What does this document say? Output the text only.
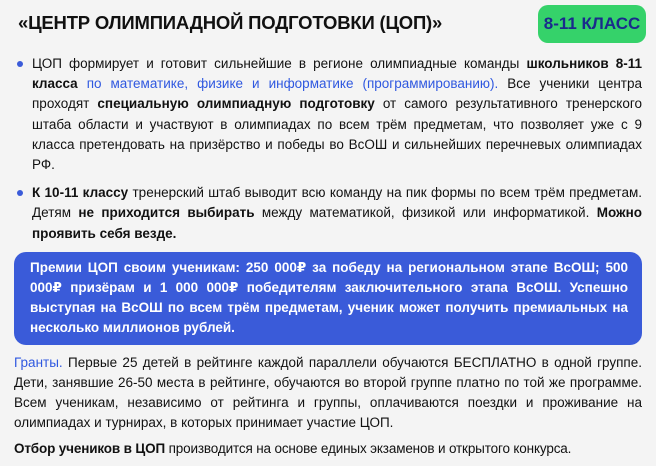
«ЦЕНТР ОЛИМПИАДНОЙ ПОДГОТОВКИ (ЦОП)»	8-11 КЛАСС
ЦОП формирует и готовит сильнейшие в регионе олимпиадные команды школьников 8-11 класса по математике, физике и информатике (программированию). Все ученики центра проходят специальную олимпиадную подготовку от самого результативного тренерского штаба области и участвуют в олимпиадах по всем трём предметам, что позволяет уже с 9 класса претендовать на призёрство и победы во ВсОШ и сильнейших перечневых олимпиадах РФ.
К 10-11 классу тренерский штаб выводит всю команду на пик формы по всем трём предметам. Детям не приходится выбирать между математикой, физикой или информатикой. Можно проявить себя везде.
Премии ЦОП своим ученикам: 250 000₽ за победу на региональном этапе ВсОШ; 500 000₽ призёрам и 1 000 000₽ победителям заключительного этапа ВсОШ. Успешно выступая на ВсОШ по всем трём предметам, ученик может получить премиальных на несколько миллионов рублей.
Гранты. Первые 25 детей в рейтинге каждой параллели обучаются БЕСПЛАТНО в одной группе. Дети, занявшие 26-50 места в рейтинге, обучаются во второй группе платно по той же программе. Всем ученикам, независимо от рейтинга и группы, оплачиваются поездки и проживание на олимпиадах и турнирах, в которых принимает участие ЦОП.
Отбор учеников в ЦОП производится на основе единых экзаменов и открытого конкурса.
